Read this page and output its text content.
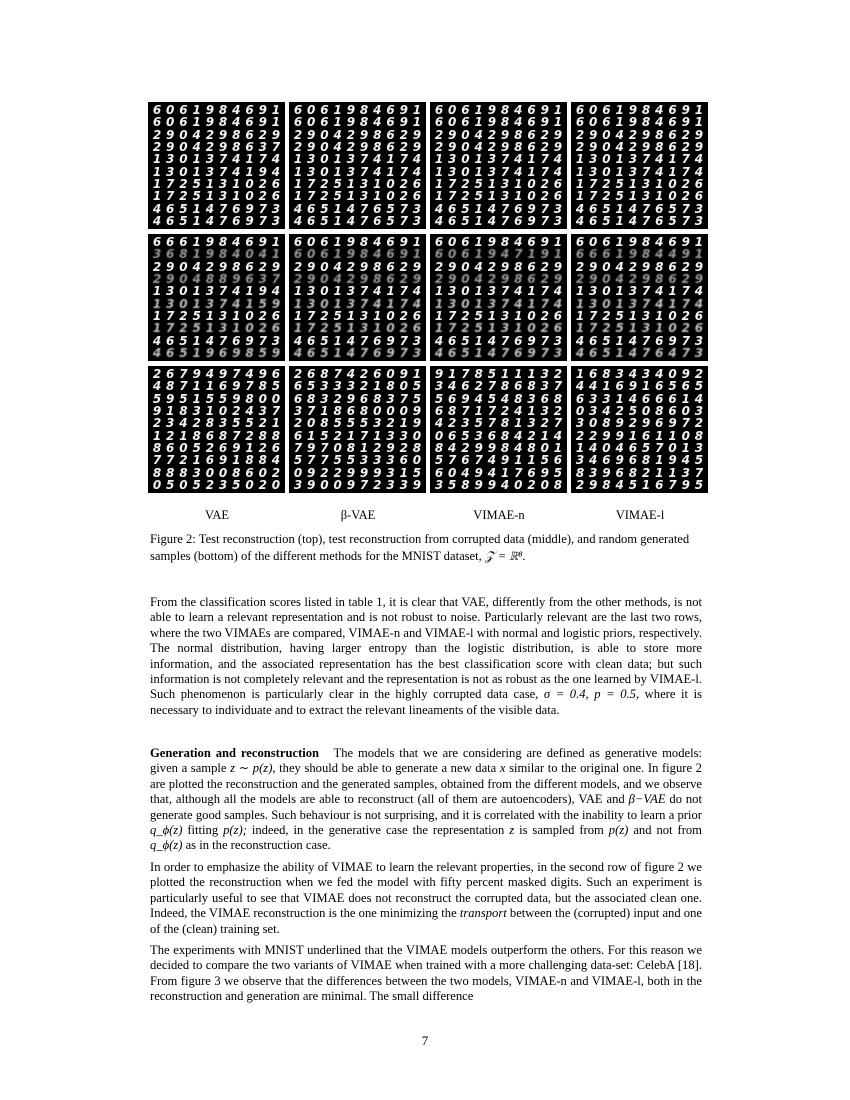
6 0 6 1 9 8 4 6 9 1
6 0 6 1 9 8 4 6 9 1
2 9 0 4 2 9 8 6 2 9
2 9 0 4 2 9 8 6 3 7
1 3 0 1 3 7 4 1 7 4
1 3 0 1 3 7 4 1 9 4
1 7 2 5 1 3 1 0 2 6
1 7 2 5 1 3 1 0 2 6
4 6 5 1 4 7 6 9 7 3
4 6 5 1 4 7 6 9 7 3
6 0 6 1 9 8 4 6 9 1
6 0 6 1 9 8 4 6 9 1
2 9 0 4 2 9 8 6 2 9
2 9 0 4 2 9 8 6 2 9
1 3 0 1 3 7 4 1 7 4
1 3 0 1 3 7 4 1 7 4
1 7 2 5 1 3 1 0 2 6
1 7 2 5 1 3 1 0 2 6
4 6 5 1 4 7 6 5 7 3
4 6 5 1 4 7 6 5 7 3
6 0 6 1 9 8 4 6 9 1
6 0 6 1 9 8 4 6 9 1
2 9 0 4 2 9 8 6 2 9
2 9 0 4 2 9 8 6 2 9
1 3 0 1 3 7 4 1 7 4
1 3 0 1 3 7 4 1 7 4
1 7 2 5 1 3 1 0 2 6
1 7 2 5 1 3 1 0 2 6
4 6 5 1 4 7 6 9 7 3
4 6 5 1 4 7 6 9 7 3
6 0 6 1 9 8 4 6 9 1
6 0 6 1 9 8 4 6 9 1
2 9 0 4 2 9 8 6 2 9
2 9 0 4 2 9 8 6 2 9
1 3 0 1 3 7 4 1 7 4
1 3 0 1 3 7 4 1 7 4
1 7 2 5 1 3 1 0 2 6
1 7 2 5 1 3 1 0 2 6
4 6 5 1 4 7 6 5 7 3
4 6 5 1 4 7 6 5 7 3
6 6 6 1 9 8 4 6 9 1
3 6 8 1 9 8 4 0 4 1
2 9 0 4 2 9 8 6 2 9
2 9 0 4 8 8 9 6 3 7
1 3 0 1 3 7 4 1 9 4
1 3 0 1 3 7 4 1 5 9
1 7 2 5 1 3 1 0 2 6
1 7 2 5 1 3 1 0 2 6
4 6 5 1 4 7 6 9 7 3
4 6 5 1 9 6 9 8 5 9
6 0 6 1 9 8 4 6 9 1
6 0 6 1 9 8 4 6 9 1
2 9 0 4 2 9 8 6 2 9
2 9 0 4 2 9 8 6 2 9
1 3 0 1 3 7 4 1 7 4
1 3 0 1 3 7 4 1 7 4
1 7 2 5 1 3 1 0 2 6
1 7 2 5 1 3 1 0 2 6
4 6 5 1 4 7 6 9 7 3
4 6 5 1 4 7 6 9 7 3
6 0 6 1 9 8 4 6 9 1
6 0 6 1 9 4 7 1 9 1
2 9 0 4 2 9 8 6 2 9
2 9 0 4 2 9 8 6 2 9
1 3 0 1 3 7 4 1 7 4
1 3 0 1 3 7 4 1 7 4
1 7 2 5 1 3 1 0 2 6
1 7 2 5 1 3 1 0 2 6
4 6 5 1 4 7 6 9 7 3
4 6 5 1 4 7 6 9 7 3
6 0 6 1 9 8 4 6 9 1
6 6 6 1 9 8 4 4 9 1
2 9 0 4 2 9 8 6 2 9
2 9 0 4 2 9 8 6 2 9
1 3 0 1 3 7 4 1 7 4
1 3 0 1 3 7 4 1 7 4
1 7 2 5 1 3 1 0 2 6
1 7 2 5 1 3 1 0 2 6
4 6 5 1 4 7 6 9 7 3
4 6 5 1 4 7 6 4 7 3
2 6 7 9 4 9 7 4 9 6
4 8 7 1 1 6 9 7 8 5
5 9 5 1 5 5 9 8 0 0
9 1 8 3 1 0 2 4 3 7
2 3 4 2 8 3 5 5 2 1
1 2 1 8 6 8 7 2 8 8
8 6 0 5 2 6 9 1 2 6
7 7 2 1 6 9 1 8 8 4
8 8 8 3 0 0 8 6 0 2
0 5 0 5 2 3 5 0 2 0
2 6 8 7 4 2 6 0 9 1
6 5 3 3 3 2 1 8 0 5
6 8 3 2 9 6 8 3 7 5
3 7 1 8 6 8 0 0 0 9
2 0 8 5 5 5 3 2 1 9
6 1 5 2 1 7 1 3 3 0
7 9 7 0 8 1 2 9 2 8
5 7 7 5 5 3 3 3 6 0
0 9 2 2 9 9 9 3 1 5
3 9 0 0 9 7 2 3 3 9
9 1 7 8 5 1 1 1 3 2
3 4 6 2 7 8 6 8 3 7
5 6 9 4 5 4 8 3 6 8
6 8 7 1 7 2 4 1 3 2
4 2 3 5 7 8 1 3 2 7
0 6 5 3 6 8 4 2 1 4
8 4 2 9 9 8 4 8 0 1
5 7 6 7 4 9 1 1 5 6
6 0 4 9 4 1 7 6 9 5
3 5 8 9 9 4 0 2 0 8
1 6 8 3 4 3 4 0 9 2
4 4 1 6 9 1 6 5 6 5
6 3 3 1 4 6 6 6 1 4
0 3 4 2 5 0 8 6 0 3
3 0 8 9 2 9 6 9 7 2
2 2 9 9 1 6 1 1 0 8
1 4 0 4 6 5 7 0 1 3
3 4 6 9 6 8 1 9 4 5
8 3 9 6 8 2 1 1 3 7
2 9 8 4 5 1 6 7 9 5
VAE	β-VAE	VIMAE-n	VIMAE-l
Figure 2: Test reconstruction (top), test reconstruction from corrupted data (middle), and random generated samples (bottom) of the different methods for the MNIST dataset, 𝒵 = ℝ⁸.

From the classification scores listed in table 1, it is clear that VAE, differently from the other methods, is not able to learn a relevant representation and is not robust to noise. Particularly relevant are the last two rows, where the two VIMAEs are compared, VIMAE-n and VIMAE-l with normal and logistic priors, respectively. The normal distribution, having larger entropy than the logistic distribution, is able to store more information, and the associated representation has the best classification score with clean data; but such information is not completely relevant and the representation is not as robust as the one learned by VIMAE-l. Such phenomenon is particularly clear in the highly corrupted data case, σ = 0.4, p = 0.5, where it is necessary to individuate and to extract the relevant lineaments of the visible data.

Generation and reconstruction The models that we are considering are defined as generative models: given a sample z ∼ p(z), they should be able to generate a new data x similar to the original one. In figure 2 are plotted the reconstruction and the generated samples, obtained from the different models, and we observe that, although all the models are able to reconstruct (all of them are autoencoders), VAE and β−VAE do not generate good samples. Such behaviour is not surprising, and it is correlated with the inability to learn a prior q_ϕ(z) fitting p(z); indeed, in the generative case the representation z is sampled from p(z) and not from q_ϕ(z) as in the reconstruction case.

In order to emphasize the ability of VIMAE to learn the relevant properties, in the second row of figure 2 we plotted the reconstruction when we fed the model with fifty percent masked digits. Such an experiment is particularly useful to see that VIMAE does not reconstruct the corrupted data, but the associated clean one. Indeed, the VIMAE reconstruction is the one minimizing the transport between the (corrupted) input and one of the (clean) training set.

The experiments with MNIST underlined that the VIMAE models outperform the others. For this reason we decided to compare the two variants of VIMAE when trained with a more challenging data-set: CelebA [18]. From figure 3 we observe that the differences between the two models, VIMAE-n and VIMAE-l, both in the reconstruction and generation are minimal. The small difference

7
